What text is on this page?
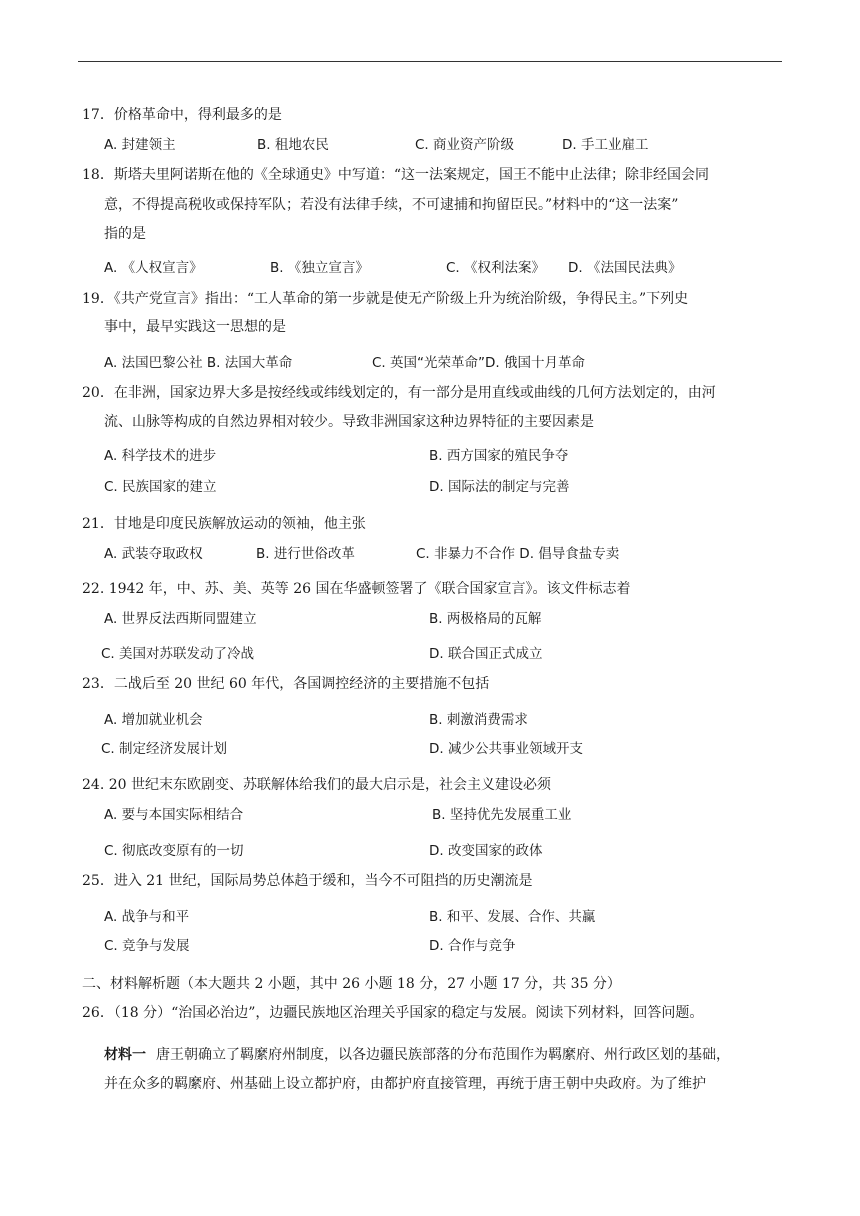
17．价格革命中，得利最多的是
A. 封建领主	B. 租地农民	C. 商业资产阶级	D. 手工业雇工
18．斯塔夫里阿诺斯在他的《全球通史》中写道：“这一法案规定，国王不能中止法律；除非经国会同
意，不得提高税收或保持军队；若没有法律手续，不可逮捕和拘留臣民。”材料中的“这一法案”
指的是
A. 《人权宣言》	B. 《独立宣言》	C. 《权利法案》 D. 《法国民法典》
19．《共产党宣言》指出：“工人革命的第一步就是使无产阶级上升为统治阶级，争得民主。”下列史
事中，最早实践这一思想的是
A. 法国巴黎公社 B. 法国大革命	C. 英国“光荣革命”D. 俄国十月革命
20．在非洲，国家边界大多是按经线或纬线划定的，有一部分是用直线或曲线的几何方法划定的，由河
流、山脉等构成的自然边界相对较少。导致非洲国家这种边界特征的主要因素是
A. 科学技术的进步	B. 西方国家的殖民争夺
C. 民族国家的建立	D. 国际法的制定与完善
21．甘地是印度民族解放运动的领袖，他主张
A. 武装夺取政权	B. 进行世俗改革	C. 非暴力不合作 D. 倡导食盐专卖
22. 1942 年，中、苏、美、英等 26 国在华盛顿签署了《联合国家宣言》。该文件标志着
A. 世界反法西斯同盟建立	B. 两极格局的瓦解
C. 美国对苏联发动了冷战	D. 联合国正式成立
23．二战后至 20 世纪 60 年代，各国调控经济的主要措施不包括
A. 增加就业机会	B. 刺激消费需求
C. 制定经济发展计划	D. 减少公共事业领域开支
24. 20 世纪末东欧剧变、苏联解体给我们的最大启示是，社会主义建设必须
A. 要与本国实际相结合	B. 坚持优先发展重工业
C. 彻底改变原有的一切	D. 改变国家的政体
25．进入 21 世纪，国际局势总体趋于缓和，当今不可阻挡的历史潮流是
A. 战争与和平	B. 和平、发展、合作、共赢
C. 竞争与发展	D. 合作与竞争
二、材料解析题（本大题共 2 小题，其中 26 小题 18 分，27 小题 17 分，共 35 分）
26．（18 分）“治国必治边”，边疆民族地区治理关乎国家的稳定与发展。阅读下列材料，回答问题。
材料一 唐王朝确立了羁縻府州制度，以各边疆民族部落的分布范围作为羁縻府、州行政区划的基础，
并在众多的羁縻府、州基础上设立都护府，由都护府直接管理，再统于唐王朝中央政府。为了维护
